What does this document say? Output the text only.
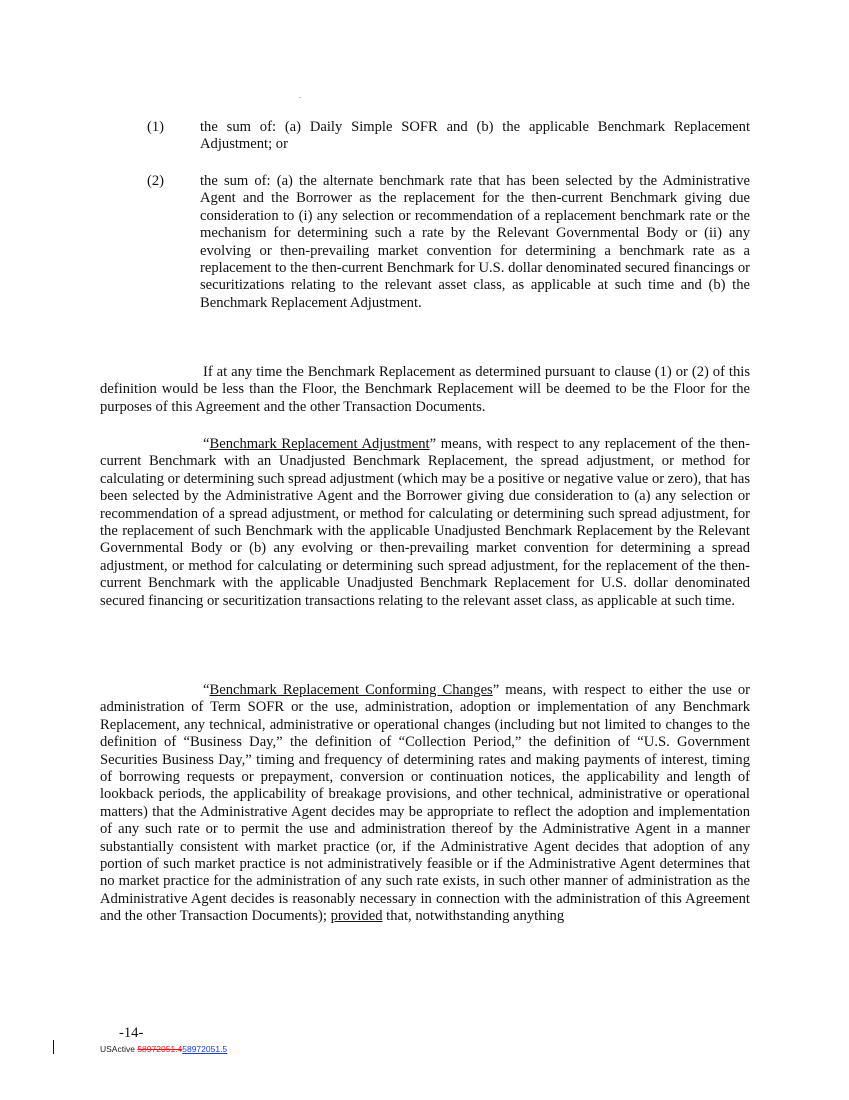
.
(1) the sum of: (a) Daily Simple SOFR and (b) the applicable Benchmark Replacement Adjustment; or
(2) the sum of: (a) the alternate benchmark rate that has been selected by the Administrative Agent and the Borrower as the replacement for the then-current Benchmark giving due consideration to (i) any selection or recommendation of a replacement benchmark rate or the mechanism for determining such a rate by the Relevant Governmental Body or (ii) any evolving or then-prevailing market convention for determining a benchmark rate as a replacement to the then-current Benchmark for U.S. dollar denominated secured financings or securitizations relating to the relevant asset class, as applicable at such time and (b) the Benchmark Replacement Adjustment.
If at any time the Benchmark Replacement as determined pursuant to clause (1) or (2) of this definition would be less than the Floor, the Benchmark Replacement will be deemed to be the Floor for the purposes of this Agreement and the other Transaction Documents.
“Benchmark Replacement Adjustment” means, with respect to any replacement of the then-current Benchmark with an Unadjusted Benchmark Replacement, the spread adjustment, or method for calculating or determining such spread adjustment (which may be a positive or negative value or zero), that has been selected by the Administrative Agent and the Borrower giving due consideration to (a) any selection or recommendation of a spread adjustment, or method for calculating or determining such spread adjustment, for the replacement of such Benchmark with the applicable Unadjusted Benchmark Replacement by the Relevant Governmental Body or (b) any evolving or then-prevailing market convention for determining a spread adjustment, or method for calculating or determining such spread adjustment, for the replacement of the then-current Benchmark with the applicable Unadjusted Benchmark Replacement for U.S. dollar denominated secured financing or securitization transactions relating to the relevant asset class, as applicable at such time.
“Benchmark Replacement Conforming Changes” means, with respect to either the use or administration of Term SOFR or the use, administration, adoption or implementation of any Benchmark Replacement, any technical, administrative or operational changes (including but not limited to changes to the definition of “Business Day,” the definition of “Collection Period,” the definition of “U.S. Government Securities Business Day,” timing and frequency of determining rates and making payments of interest, timing of borrowing requests or prepayment, conversion or continuation notices, the applicability and length of lookback periods, the applicability of breakage provisions, and other technical, administrative or operational matters) that the Administrative Agent decides may be appropriate to reflect the adoption and implementation of any such rate or to permit the use and administration thereof by the Administrative Agent in a manner substantially consistent with market practice (or, if the Administrative Agent decides that adoption of any portion of such market practice is not administratively feasible or if the Administrative Agent determines that no market practice for the administration of any such rate exists, in such other manner of administration as the Administrative Agent decides is reasonably necessary in connection with the administration of this Agreement and the other Transaction Documents); provided that, notwithstanding anything
-14-
USActive 58972051.458972051.5
